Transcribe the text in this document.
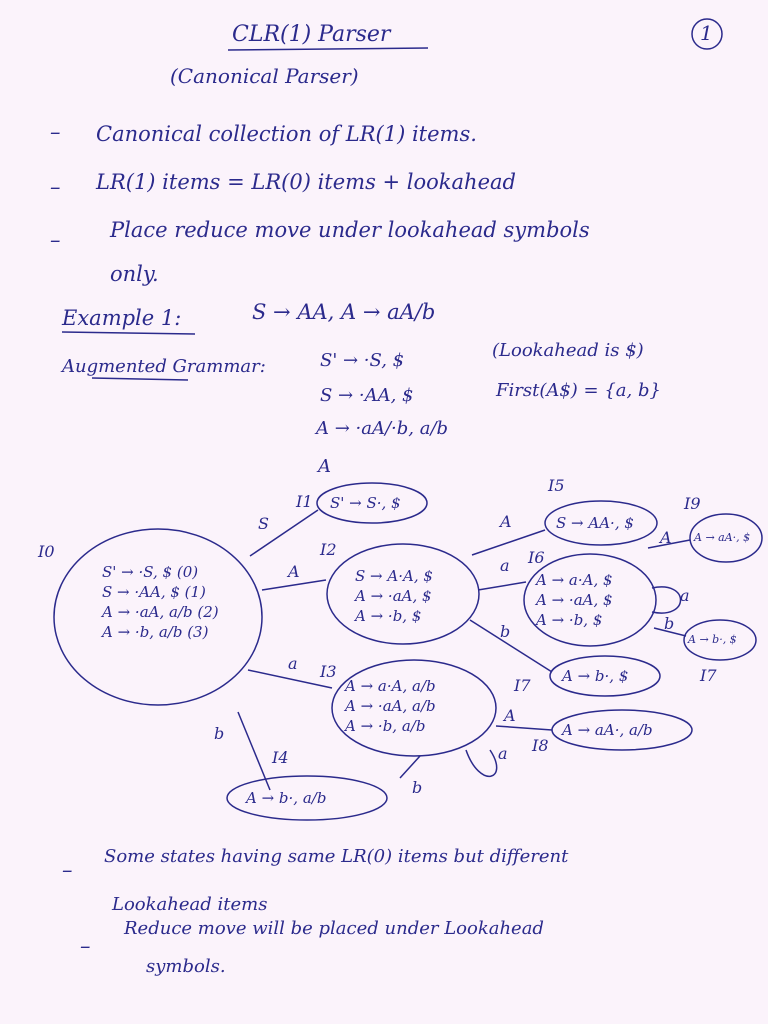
1
CLR(1) Parser
(Canonical Parser)
– Canonical collection of LR(1) items.
– LR(1) items = LR(0) items + lookahead
– Place reduce move under lookahead symbols
only.
Example 1:	S → AA, A → aA/b
Augmented Grammar:	S' → ·S, $	(Lookahead is $)
S → ·AA, $	First(A$) = {a, b}
A → ·aA/·b, a/b
A
I0
I1
I2
I3
I4
I5
I6
I7
I8
I9
I7
S' → ·S, $ (0)
S → ·AA, $ (1)
A → ·aA, a/b (2)
A → ·b, a/b (3)
S' → S·, $
S → A·A, $
A → ·aA, $
A → ·b, $
A → a·A, a/b
A → ·aA, a/b
A → ·b, a/b
A → b·, a/b
S → AA·, $
A → a·A, $
A → ·aA, $
A → ·b, $
A → b·, $
A → aA·, a/b
A → aA·, $
A → b·, $
S
A
a
b
A
a
b
A
a
b
A
a
b
–
Some states having same LR(0) items but different
Lookahead items
–
Reduce move will be placed under Lookahead
symbols.
